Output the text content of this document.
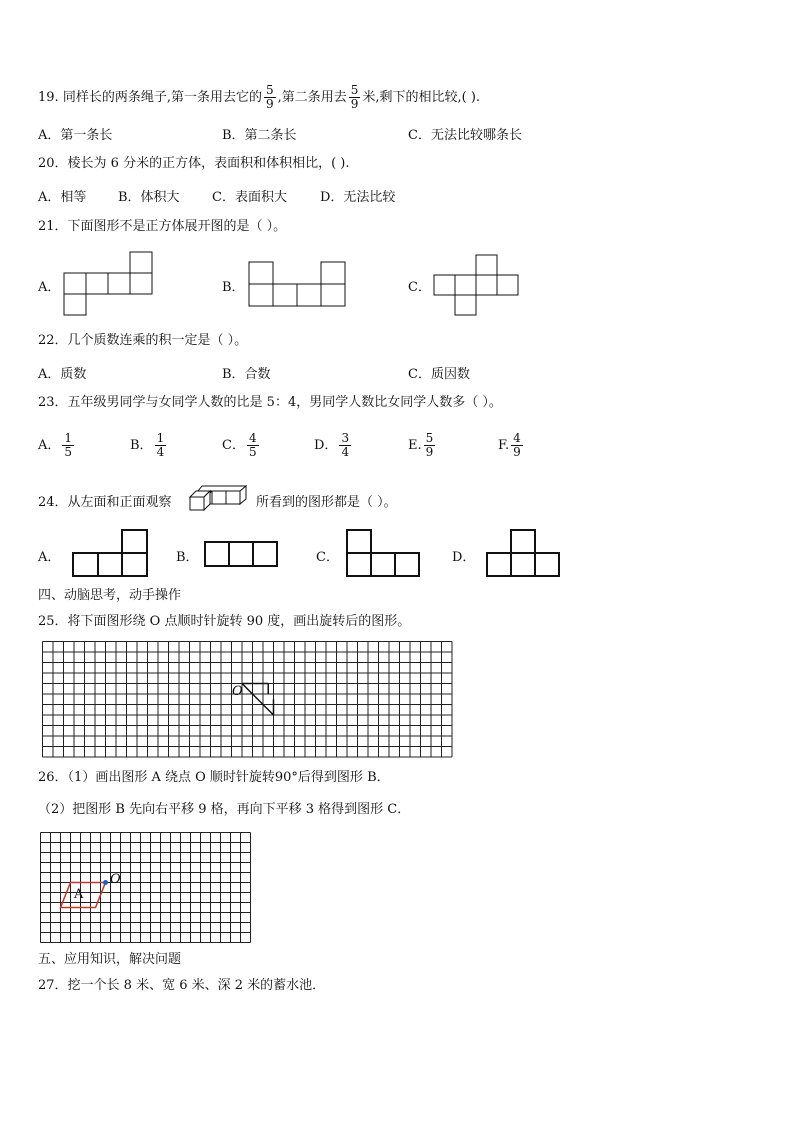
19. 同样长的两条绳子,第一条用去它的 $\frac{5}{9}$ ,第二条用去 $\frac{5}{9}$ 米,剩下的相比较,( ).
A．第一条长	B．第二条长	C．无法比较哪条长
20．棱长为 6 分米的正方体，表面积和体积相比，( ).
A．相等 B．体积大 C．表面积大	D．无法比较
21．下面图形不是正方体展开图的是（ ）。
A．	B．	C．
22．几个质数连乘的积一定是（ ）。
A．质数	B．合数	C．质因数
23．五年级男同学与女同学人数的比是 5：4，男同学人数比女同学人数多（ ）。
A． $\frac{1}{5}$	B． $\frac{1}{4}$	C． $\frac{4}{5}$	D． $\frac{3}{4}$	E. $\frac{5}{9}$	F. $\frac{4}{9}$
24．从左面和正面观察	所看到的图形都是（ ）。
A．	B．	C．	D．
四、动脑思考，动手操作
25．将下面图形绕 O 点顺时针旋转 90 度，画出旋转后的图形。
O
26．（1）画出图形 A 绕点 O 顺时针旋转90°后得到图形 B．
（2）把图形 B 先向右平移 9 格，再向下平移 3 格得到图形 C．
A
O
五、应用知识，解决问题
27．挖一个长 8 米、宽 6 米、深 2 米的蓄水池．
